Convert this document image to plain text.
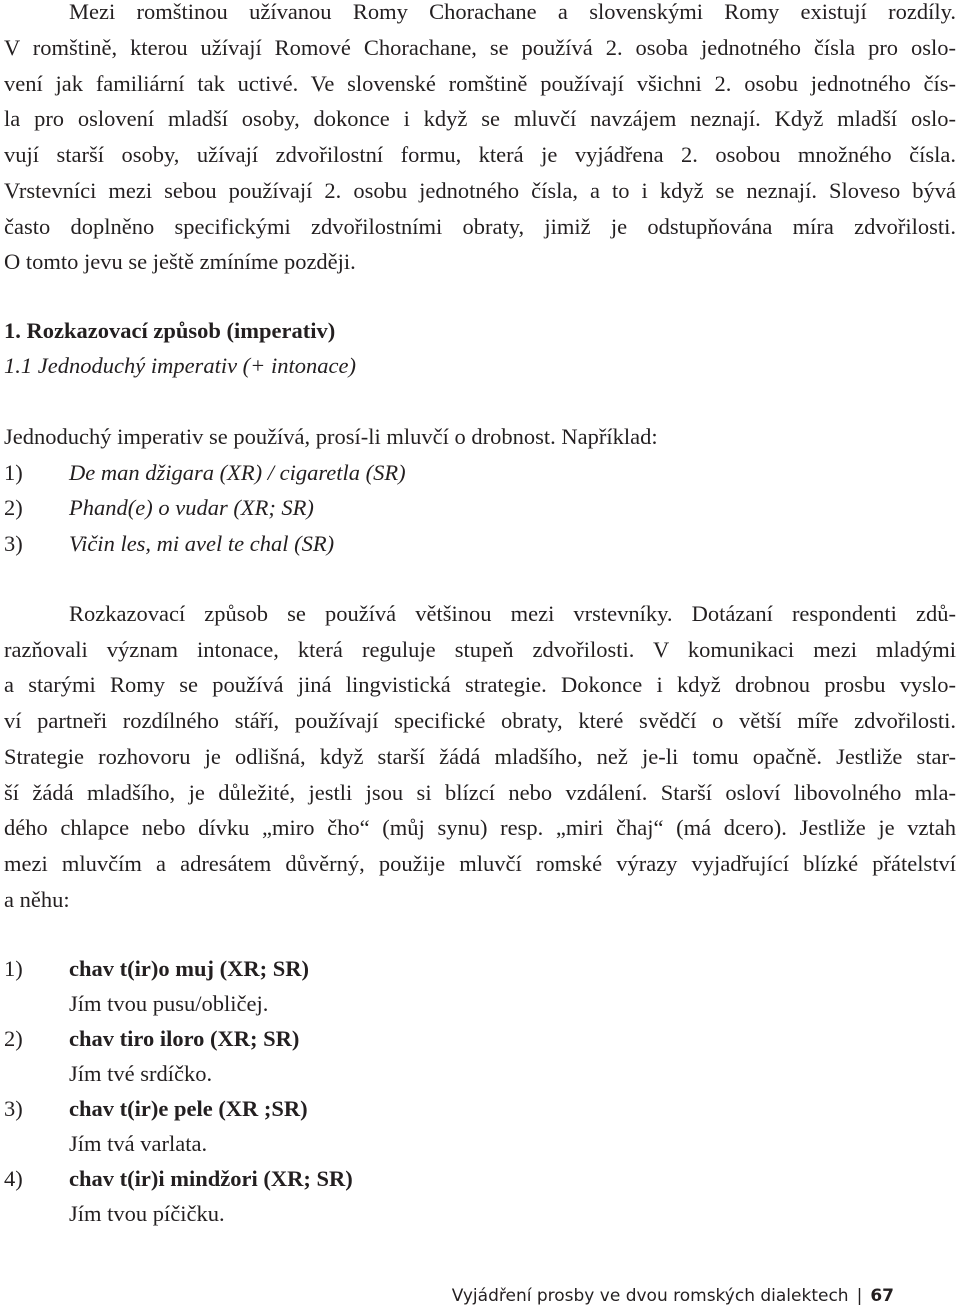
Mezi romštinou užívanou Romy Chorachane a slovenskými Romy existují rozdíly.
V romštině, kterou užívají Romové Chorachane, se používá 2. osoba jednotného čísla pro oslo-
vení jak familiární tak uctivé. Ve slovenské romštině používají všichni 2. osobu jednotného čís-
la pro oslovení mladší osoby, dokonce i když se mluvčí navzájem neznají. Když mladší oslo-
vují starší osoby, užívají zdvořilostní formu, která je vyjádřena 2. osobou množného čísla.
Vrstevníci mezi sebou používají 2. osobu jednotného čísla, a to i když se neznají. Sloveso bývá
často doplněno specifickými zdvořilostními obraty, jimiž je odstupňována míra zdvořilosti.
O tomto jevu se ještě zmíníme později.
1. Rozkazovací způsob (imperativ)
1.1 Jednoduchý imperativ (+ intonace)
Jednoduchý imperativ se používá, prosí-li mluvčí o drobnost. Například:
1) De man džigara (XR) / cigaretla (SR)
2) Phand(e) o vudar (XR; SR)
3) Vičin les, mi avel te chal (SR)
Rozkazovací způsob se používá většinou mezi vrstevníky. Dotázaní respondenti zdů-
razňovali význam intonace, která reguluje stupeň zdvořilosti. V komunikaci mezi mladými
a starými Romy se používá jiná lingvistická strategie. Dokonce i když drobnou prosbu vyslo-
ví partneři rozdílného stáří, používají specifické obraty, které svědčí o větší míře zdvořilosti.
Strategie rozhovoru je odlišná, když starší žádá mladšího, než je-li tomu opačně. Jestliže star-
ší žádá mladšího, je důležité, jestli jsou si blízcí nebo vzdálení. Starší osloví libovolného mla-
dého chlapce nebo dívku „miro čho“ (můj synu) resp. „miri čhaj“ (má dcero). Jestliže je vztah
mezi mluvčím a adresátem důvěrný, použije mluvčí romské výrazy vyjadřující blízké přátelství
a něhu:
1) chav t(ir)o muj (XR; SR)
Jím tvou pusu/obličej.
2) chav tiro iloro (XR; SR)
Jím tvé srdíčko.
3) chav t(ir)e pele (XR ;SR)
Jím tvá varlata.
4) chav t(ir)i mindžori (XR; SR)
Jím tvou píčičku.
Vyjádření prosby ve dvou romských dialektech | 67
